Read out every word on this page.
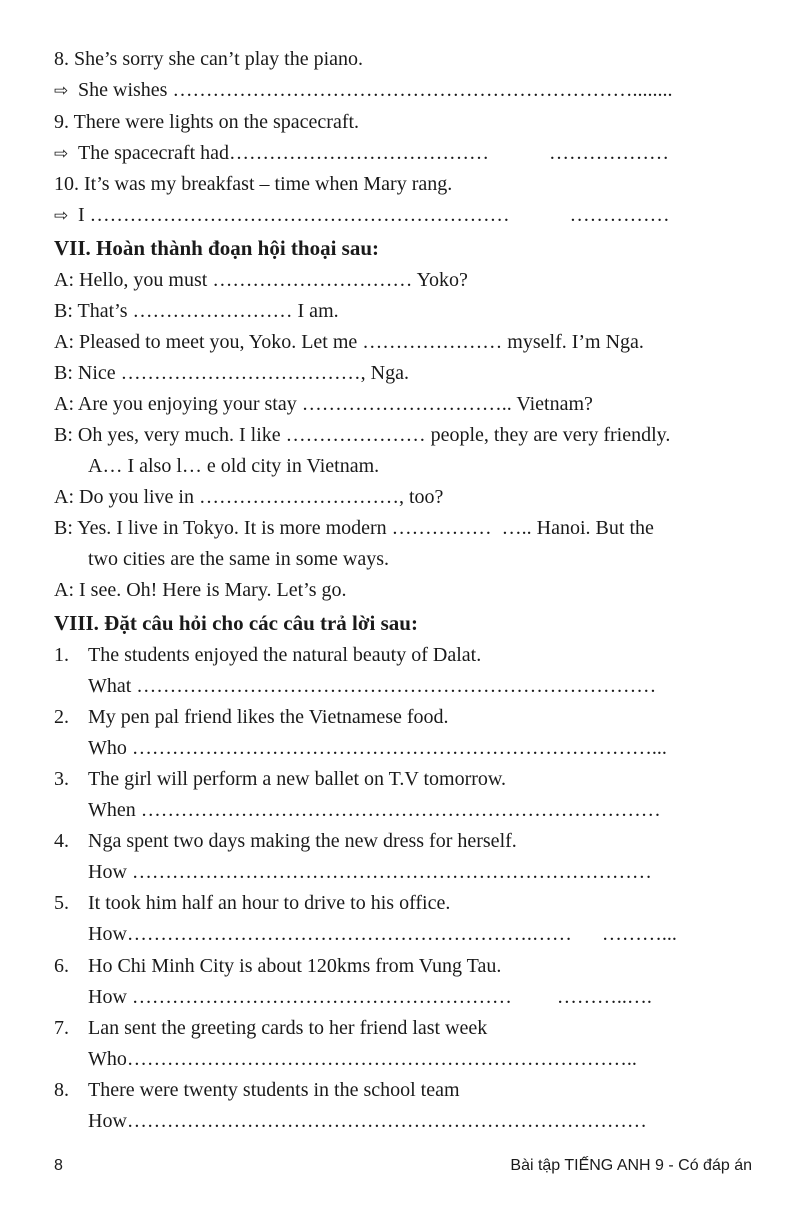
8. She’s sorry she can’t play the piano.
⇨ She wishes ……………………………………………………………........
9. There were lights on the spacecraft.
⇨ The spacecraft had…………………………………            ………………
10. It’s was my breakfast – time when Mary rang.
⇨ I ………………………………………………………            ……………
VII. Hoàn thành đoạn hội thoại sau:
A: Hello, you must ………………………… Yoko?
B: That’s …………………… I am.
A: Pleased to meet you, Yoko. Let me ………………… myself. I’m Nga.
B: Nice ………………………………, Nga.
A: Are you enjoying your stay ………………………….. Vietnam?
B: Oh yes, very much. I like ………………… people, they are very friendly.
A… I also l… e old city in Vietnam.
A: Do you live in …………………………, too?
B: Yes. I live in Tokyo. It is more modern ……………  ….. Hanoi. But the
two cities are the same in some ways.
A: I see. Oh! Here is Mary. Let’s go.
VIII. Đặt câu hỏi cho các câu trả lời sau:
1. The students enjoyed the natural beauty of Dalat.
What ……………………………………………………………………
2. My pen pal friend likes the Vietnamese food.
Who ……………………………………………………………………...
3. The girl will perform a new ballet on T.V tomorrow.
When ……………………………………………………………………
4. Nga spent two days making the new dress for herself.
How ……………………………………………………………………
5. It took him half an hour to drive to his office.
How…………………………………………………….……      ………...
6. Ho Chi Minh City is about 120kms from Vung Tau.
How …………………………………………………         ………..….
7. Lan sent the greeting cards to her friend last week
Who…………………………………………………………………..
8. There were twenty students in the school team
How……………………………………………………………………
8	Bài tập TIẾNG ANH 9 - Có đáp án
